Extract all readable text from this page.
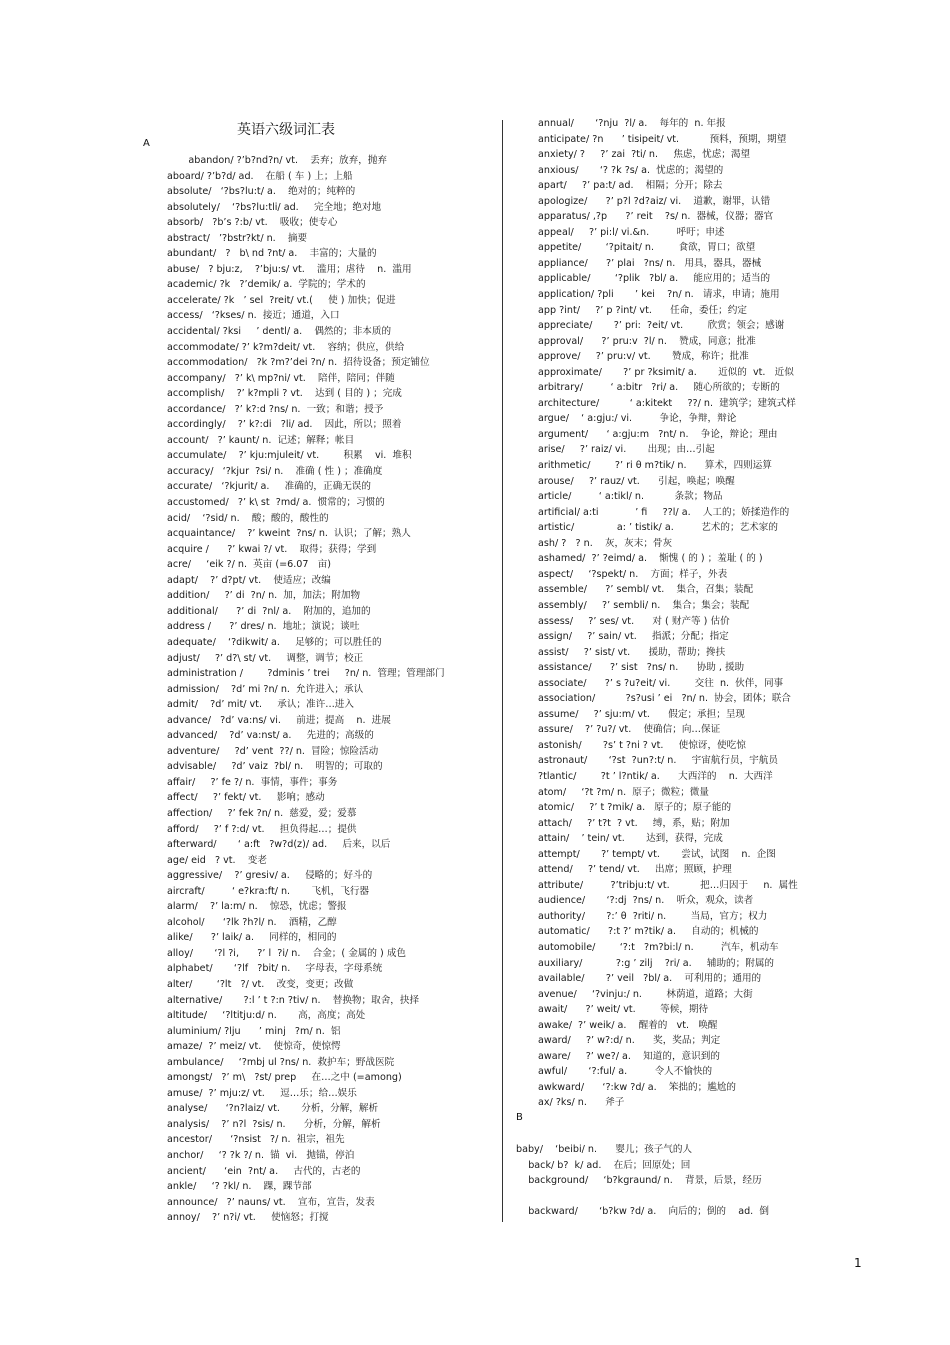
英语六级词汇表
A
abandon/ ?’b?nd?n/ vt.    丢弃；放弃，抛弃
aboard/ ?’b?d/ ad.    在船 ( 车 ) 上；上船
absolute/   ‘?bs?lu:t/ a.    绝对的；纯粹的
absolutely/    ‘?bs?lu:tli/ ad.     完全地；绝对地
absorb/   ?b’s ?:b/ vt.    吸收；使专心
abstract/   ’?bstr?kt/ n.    摘要
abundant/   ?   b\ nd ?nt/ a.    丰富的；大量的
abuse/   ? bju:z,    ?’bju:s/ vt.    滥用；虐待    n.  滥用
academic/ ?k   ?’demik/ a.  学院的；学术的
accelerate/ ?k   ’ sel  ?reit/ vt.(     使 ) 加快；促进
access/   ‘?kses/ n.  接近；通道，入口
accidental/ ?ksi     ’ dentl/ a.    偶然的；非本质的
accommodate/ ?’ k?m?deit/ vt.    容纳；供应，供给
accommodation/   ?k ?m?’dei ?n/ n.  招待设备；预定铺位
accompany/   ?’ k\ mp?ni/ vt.    陪伴，陪同；伴随
accomplish/    ?’ k?mpli ? vt.    达到 ( 目的 ) ；完成
accordance/   ?’ k?:d ?ns/ n.  一致；和谐；授予
accordingly/    ?’ k?:di   ?li/ ad.    因此，所以；照着
account/   ?’ kaunt/ n.  记述；解释；帐目
accumulate/    ?’ kju:mjuleit/ vt.        积累    vi.  堆积
accuracy/   ‘?kjur  ?si/ n.    准确 ( 性 ) ；准确度
accurate/   ‘?kjurit/ a.     准确的，正确无误的
accustomed/   ?’ k\ st  ?md/ a.  惯常的；习惯的
acid/    ‘?sid/ n.    酸；酸的，酸性的
acquaintance/    ?’ kweint  ?ns/ n.  认识；了解；熟人
acquire /      ?’ kwai ?/ vt.    取得；获得；学到
acre/     ‘eik ?/ n.  英亩 (=6.07   亩)
adapt/    ?’ d?pt/ vt.    使适应；改编
addition/     ?’ di  ?n/ n.  加，加法；附加物
additional/      ?’ di  ?nl/ a.    附加的，追加的
address /      ?’ dres/ n.  地址；演说；谈吐
adequate/    ‘?dikwit/ a.     足够的；可以胜任的
adjust/     ?’ d?\ st/ vt.     调整，调节；校正
administration /        ?dminis ’ trei     ?n/ n.  管理；管理部门
admission/    ?d’ mi ?n/ n.  允许进入；承认
admit/    ?d’ mit/ vt.     承认；准许…进入
advance/   ?d’ va:ns/ vi.     前进；提高    n.  进展
advanced/    ?d’ va:nst/ a.     先进的；高级的
adventure/     ?d’ vent  ??/ n.  冒险；惊险活动
advisable/     ?d’ vaiz  ?bl/ n.    明智的；可取的
affair/     ?’ fe ?/ n.  事情，事件；事务
affect/     ?’ fekt/ vt.     影响；感动
affection/     ?’ fek ?n/ n.  慈爱，爱；爱慕
afford/     ?’ f ?:d/ vt.     担负得起…；提供
afterward/       ‘ a:ft   ?w?d(z)/ ad.     后来，以后
age/ eid   ? vt.    变老
aggressive/    ?’ gresiv/ a.     侵略的；好斗的
aircraft/         ‘ e?kra:ft/ n.       飞机，飞行器
alarm/    ?’ la:m/ n.    惊恐，忧虑；警报
alcohol/      ‘?lk ?h?l/ n.    酒精，乙醇
alike/      ?’ laik/ a.     同样的，相同的
alloy/       ‘?l ?i,      ?’ l  ?i/ n.    合金；( 金属的 ) 成色
alphabet/       ‘?lf   ?bit/ n.     字母表，字母系统
alter/        ‘?lt   ?/ vt.    改变，变更；改做
alternative/       ?:l ’ t ?:n ?tiv/ n.    替换物；取舍，抉择
altitude/     ‘?ltitju:d/ n.       高，高度；高处
aluminium/ ?lju      ’ minj   ?m/ n.  铝
amaze/  ?’ meiz/ vt.    使惊奇，使惊愕
ambulance/     ‘?mbj ul ?ns/ n.  救护车；野战医院
amongst/   ?’ m\   ?st/ prep     在…之中 (=among)
amuse/  ?’ mju:z/ vt.     逗…乐；给…娱乐
analyse/      ‘?n?laiz/ vt.       分析，分解，解析
analysis/    ?’ n?l  ?sis/ n.      分析，分解，解析
ancestor/      ‘?nsist   ?/ n.  祖宗，祖先
anchor/     ‘? ?k ?/ n.  锚  vi.   抛锚，停泊
ancient/      ‘ein  ?nt/ a.     古代的，古老的
ankle/     ‘? ?kl/ n.    踝，踝节部
announce/   ?’ nauns/ vt.    宣布，宣告，发表
annoy/    ?’ n?i/ vt.     使恼怒；打搅
annual/       ‘?nju  ?l/ a.    每年的  n. 年报
anticipate/ ?n      ’ tisipeit/ vt.          预料，预期，期望
anxiety/ ?     ?’ zai  ?ti/ n.     焦虑，忧虑；渴望
anxious/       ‘? ?k ?s/ a.  忧虑的；渴望的
apart/     ?’ pa:t/ ad.    相隔；分开；除去
apologize/      ?’ p?l ?d?aiz/ vi.    道歉，谢罪，认错
apparatus/ ,?p      ?’ reit    ?s/ n.  器械，仪器；器官
appeal/     ?’ pi:l/ vi.&n.         呼吁；申述
appetite/        ‘?pitait/ n.        食欲，胃口；欲望
appliance/      ?’ plai   ?ns/ n.   用具，器具，器械
applicable/        ‘?plik   ?bl/ a.     能应用的；适当的
application/ ?pli       ’ kei    ?n/ n.   请求，申请；施用
app ?int/     ?’ p ?int/ vt.      任命，委任；约定
appreciate/       ?’ pri:  ?eit/ vt.        欣赏；领会；感谢
approval/      ?’ pru:v  ?l/ n.    赞成，同意；批准
approve/     ?’ pru:v/ vt.       赞成，称许；批准
approximate/       ?’ pr ?ksimit/ a.       近似的  vt.   近似
arbitrary/         ‘ a:bitr   ?ri/ a.     随心所欲的；专断的
architecture/          ‘ a:kitekt     ??/ n.  建筑学；建筑式样
argue/    ‘ a:gju:/ vi.         争论，争辩，辩论
argument/      ‘ a:gju:m   ?nt/ n.    争论，辩论；理由
arise/     ?’ raiz/ vi.       出现；由…引起
arithmetic/        ?’ ri θ m?tik/ n.      算术，四则运算
arouse/     ?’ rauz/ vt.      引起，唤起；唤醒
article/         ‘ a:tikl/ n.          条款；物品
artificial/ a:ti            ’ fi     ??l/ a.    人工的；娇揉造作的
artistic/              a: ’ tistik/ a.         艺术的；艺术家的
ash/ ?   ? n.    灰，灰末；骨灰
ashamed/  ?’ ?eimd/ a.    惭愧 ( 的 ) ；羞耻 ( 的 )
aspect/     ‘?spekt/ n.    方面；样子，外表
assemble/      ?’ sembl/ vt.    集合，召集；装配
assembly/     ?’ sembli/ n.    集合；集会；装配
assess/     ?’ ses/ vt.      对 ( 财产等 ) 估价
assign/     ?’ sain/ vt.     指派；分配；指定
assist/     ?’ sist/ vt.      援助，帮助；搀扶
assistance/      ?’ sist   ?ns/ n.      协助 , 援助
associate/      ?’ s ?u?eit/ vi.        交往  n.  伙伴，同事
association/          ?s?usi ’ ei   ?n/ n.  协会，团体；联合
assume/     ?’ sju:m/ vt.      假定；承担；呈现
assure/    ?’ ?u?/ vt.    使确信；向…保证
astonish/       ?s’ t ?ni ? vt.     使惊讶，使吃惊
astronaut/       ‘?st  ?un?:t/ n.     宇宙航行员，宇航员
?tlantic/        ?t ’ l?ntik/ a.      大西洋的    n.  大西洋
atom/     ‘?t ?m/ n.  原子；微粒；微量
atomic/     ?’ t ?mik/ a.   原子的；原子能的
attach/     ?’ t?t  ? vt.     缚，系，贴；附加
attain/    ’ tein/ vt.       达到，获得，完成
attempt/       ?’ tempt/ vt.       尝试，试图    n.  企图
attend/     ?’ tend/ vt.     出席；照顾，护理
attribute/         ?’tribju:t/ vt.          把…归因于     n.  属性
audience/       ‘?:dj  ?ns/ n.    听众，观众，读者
authority/       ?:’ θ  ?riti/ n.        当局，官方；权力
automatic/      ?:t ?’ m?tik/ a.     自动的；机械的
automobile/        ‘?:t   ?m?bi:l/ n.         汽车，机动车
auxiliary/           ?:g ’ zilj    ?ri/ a.     辅助的；附属的
available/       ?’ veil   ?bl/ a.    可利用的；通用的
avenue/     ‘?vinju:/ n.        林荫道，道路；大街
await/      ?’ weit/ vt.        等候，期待
awake/  ?’ weik/ a.    醒着的   vt.   唤醒
award/     ?’ w?:d/ n.      奖，奖品；判定
aware/     ?’ we?/ a.    知道的，意识到的
awful/       ‘?:ful/ a.         令人不愉快的
awkward/      ‘?:kw ?d/ a.    笨拙的；尴尬的
ax/ ?ks/ n.      斧子
B
baby/    ‘beibi/ n.      婴儿；孩子气的人
back/ b?  k/ ad.    在后；回原处；回
background/     ‘b?kgraund/ n.    背景，后景，经历
backward/       ‘b?kw ?d/ a.    向后的；倒的    ad.  倒
1
